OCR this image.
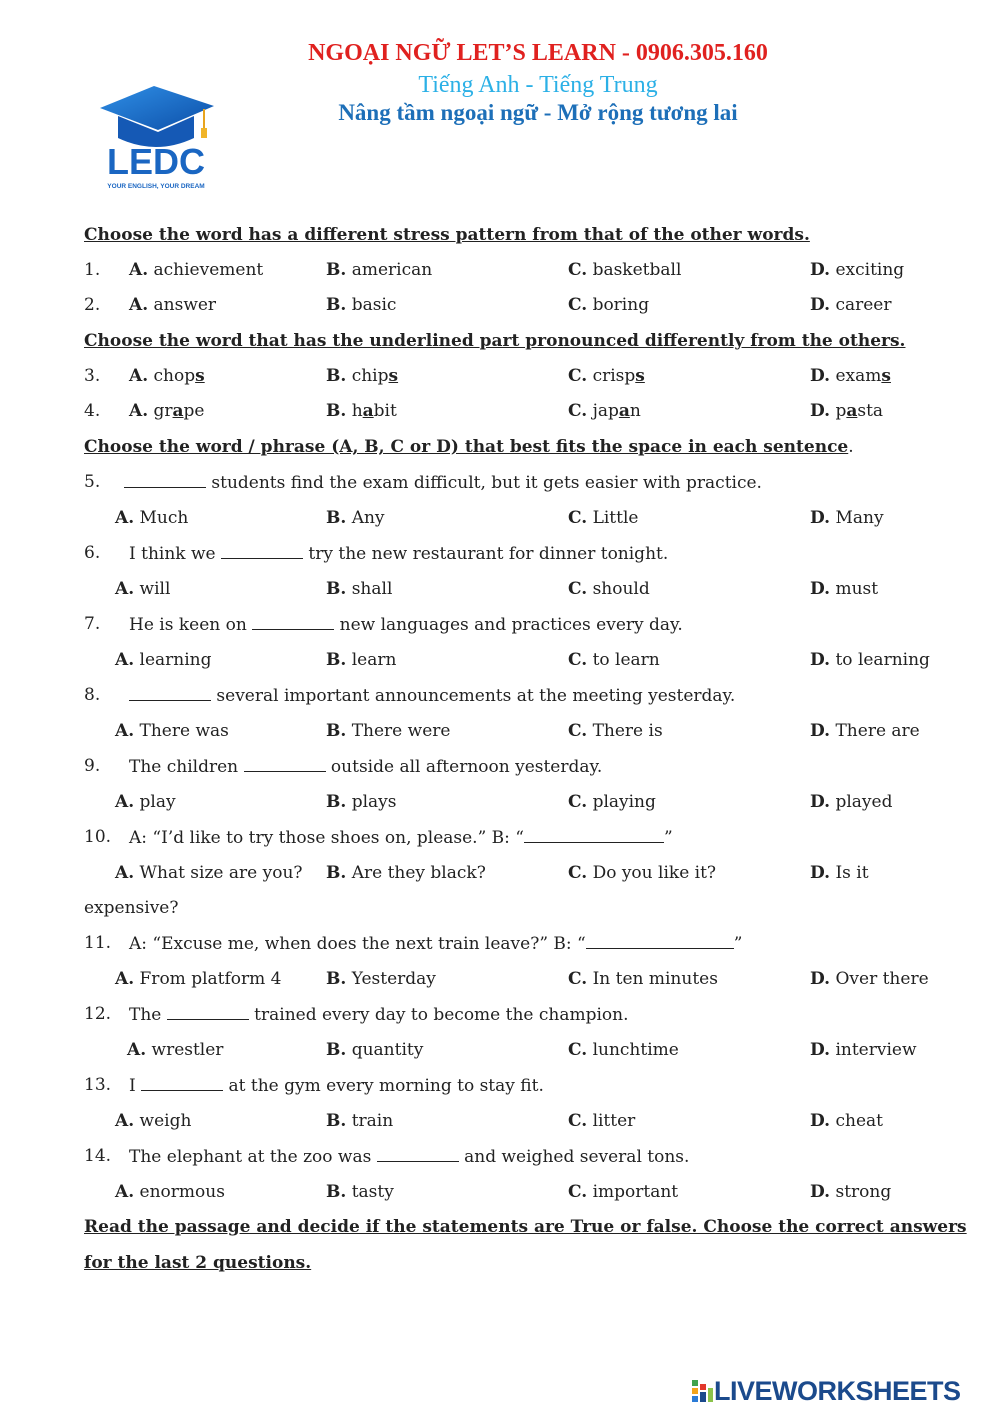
NGOẠI NGỮ LET’S LEARN - 0906.305.160
Tiếng Anh - Tiếng Trung
Nâng tầm ngoại ngữ - Mở rộng tương lai
LEDC
YOUR ENGLISH, YOUR DREAM
Choose the word has a different stress pattern from that of the other words.
1. A. achievement	B. american	C. basketball	D. exciting
2. A. answer	B. basic	C. boring	D. career
Choose the word that has the underlined part pronounced differently from the others.
3. A. chops	B. chips	C. crisps	D. exams
4. A. grape	B. habit	C. japan	D. pasta
Choose the word / phrase (A, B, C or D) that best fits the space in each sentence.
5.	students find the exam difficult, but it gets easier with practice.
A. Much	B. Any	C. Little	D. Many
6. I think we	try the new restaurant for dinner tonight.
A. will	B. shall	C. should	D. must
7. He is keen on	new languages and practices every day.
A. learning	B. learn	C. to learn	D. to learning
8.	several important announcements at the meeting yesterday.
A. There was	B. There were	C. There is	D. There are
9. The children	outside all afternoon yesterday.
A. play	B. plays	C. playing	D. played
10. A: “I’d like to try those shoes on, please.” B: “	”
A. What size are you? B. Are they black?	C. Do you like it?	D. Is it
expensive?
11. A: “Excuse me, when does the next train leave?” B: “	”
A. From platform 4	B. Yesterday	C. In ten minutes	D. Over there
12. The	trained every day to become the champion.
A. wrestler	B. quantity	C. lunchtime	D. interview
13. I	at the gym every morning to stay fit.
A. weigh	B. train	C. litter	D. cheat
14. The elephant at the zoo was	and weighed several tons.
A. enormous	B. tasty	C. important	D. strong
Read the passage and decide if the statements are True or false. Choose the correct answers
for the last 2 questions.
LIVEWORKSHEETS
